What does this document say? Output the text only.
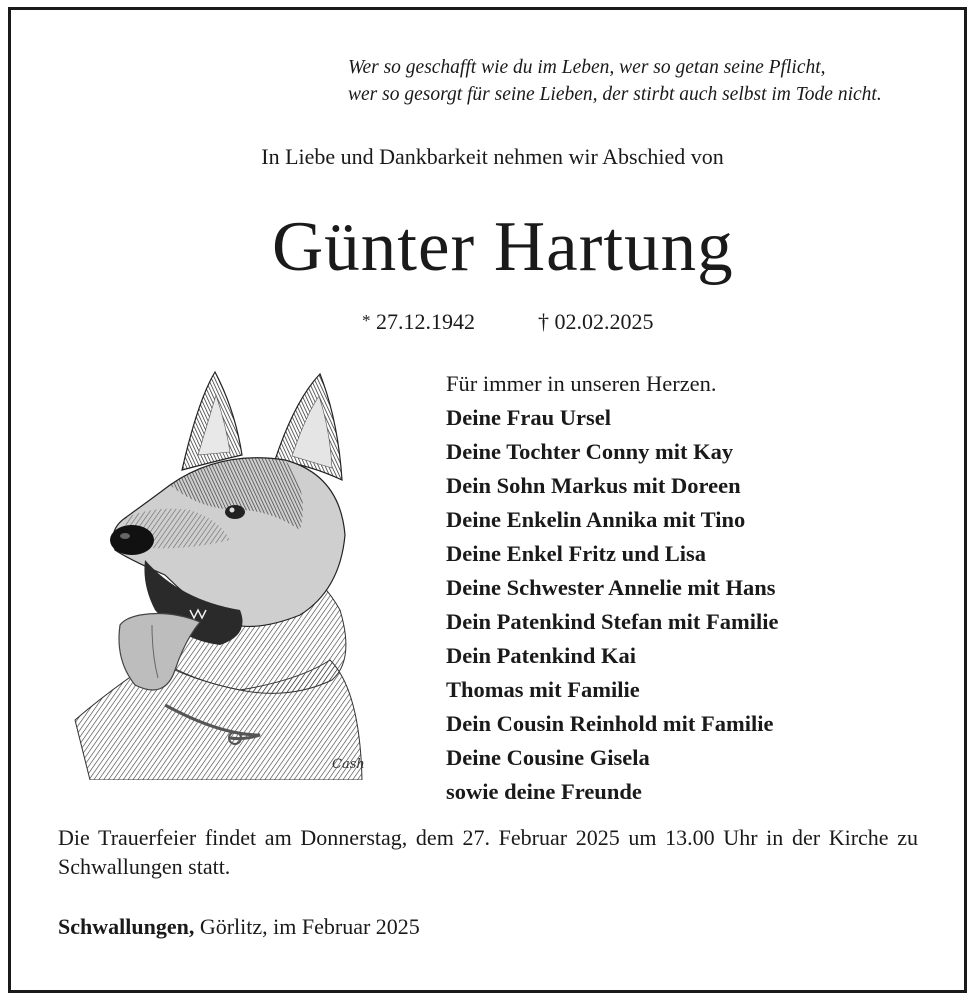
Wer so geschafft wie du im Leben, wer so getan seine Pflicht,
wer so gesorgt für seine Lieben, der stirbt auch selbst im Tode nicht.
In Liebe und Dankbarkeit nehmen wir Abschied von
Günter Hartung
* 27.12.1942	† 02.02.2025
Cash
Für immer in unseren Herzen.
Deine Frau Ursel
Deine Tochter Conny mit Kay
Dein Sohn Markus mit Doreen
Deine Enkelin Annika mit Tino
Deine Enkel Fritz und Lisa
Deine Schwester Annelie mit Hans
Dein Patenkind Stefan mit Familie
Dein Patenkind Kai
Thomas mit Familie
Dein Cousin Reinhold mit Familie
Deine Cousine Gisela
sowie deine Freunde
Die Trauerfeier findet am Donnerstag, dem 27. Februar 2025 um 13.00 Uhr in der Kirche zu Schwallungen statt.
Schwallungen, Görlitz, im Februar 2025
